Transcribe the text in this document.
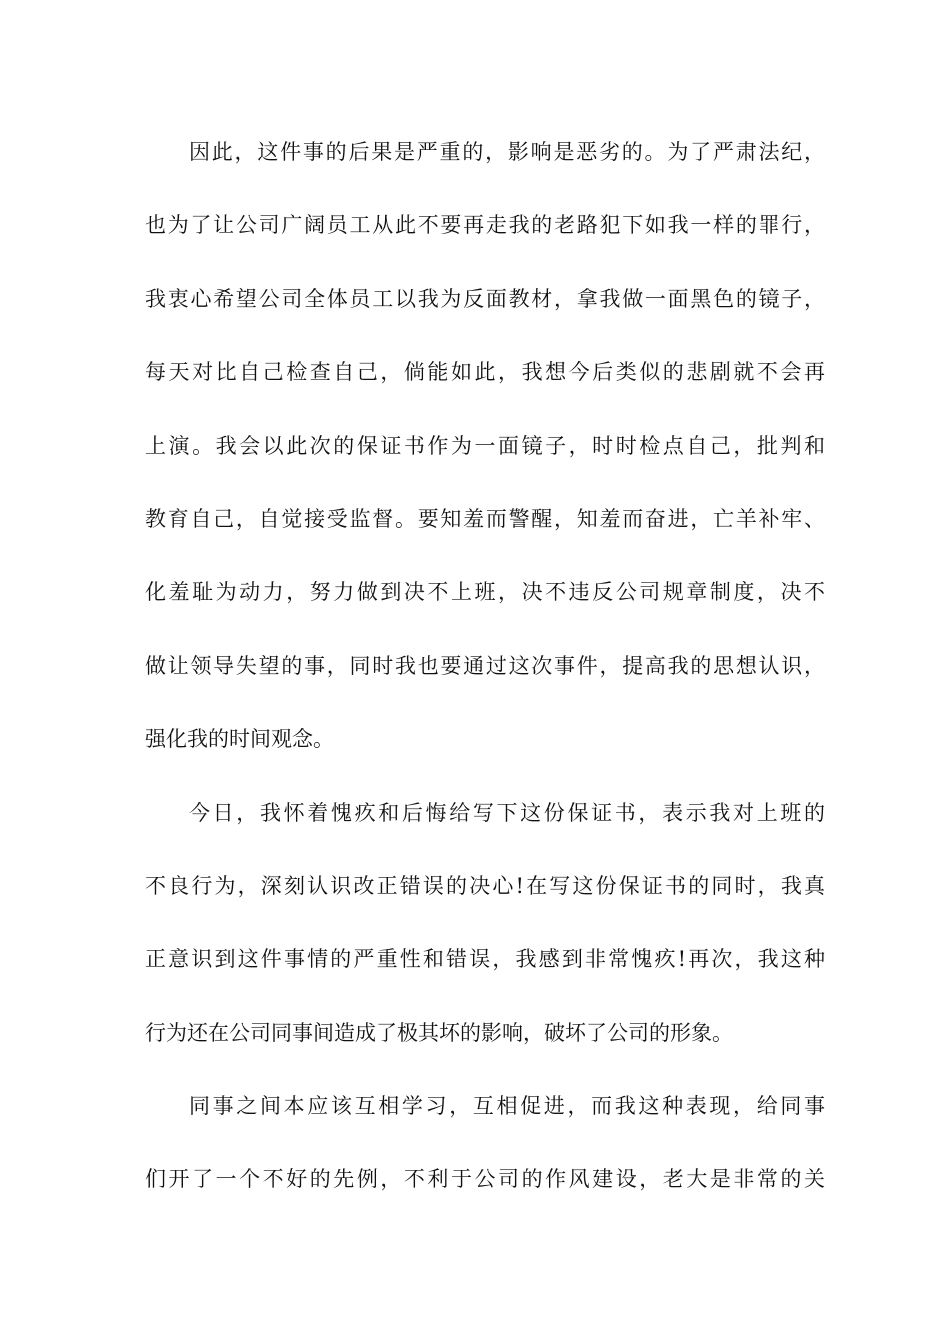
因此，这件事的后果是严重的，影响是恶劣的。为了严肃法纪，
也为了让公司广阔员工从此不要再走我的老路犯下如我一样的罪行，
我衷心希望公司全体员工以我为反面教材，拿我做一面黑色的镜子，
每天对比自己检查自己，倘能如此，我想今后类似的悲剧就不会再
上演。我会以此次的保证书作为一面镜子，时时检点自己，批判和
教育自己，自觉接受监督。要知羞而警醒，知羞而奋进，亡羊补牢、
化羞耻为动力，努力做到决不上班，决不违反公司规章制度，决不
做让领导失望的事，同时我也要通过这次事件，提高我的思想认识，
强化我的时间观念。
今日，我怀着愧疚和后悔给写下这份保证书，表示我对上班的
不良行为，深刻认识改正错误的决心!在写这份保证书的同时，我真
正意识到这件事情的严重性和错误，我感到非常愧疚!再次，我这种
行为还在公司同事间造成了极其坏的影响，破坏了公司的形象。
同事之间本应该互相学习，互相促进，而我这种表现，给同事
们开了一个不好的先例，不利于公司的作风建设，老大是非常的关
